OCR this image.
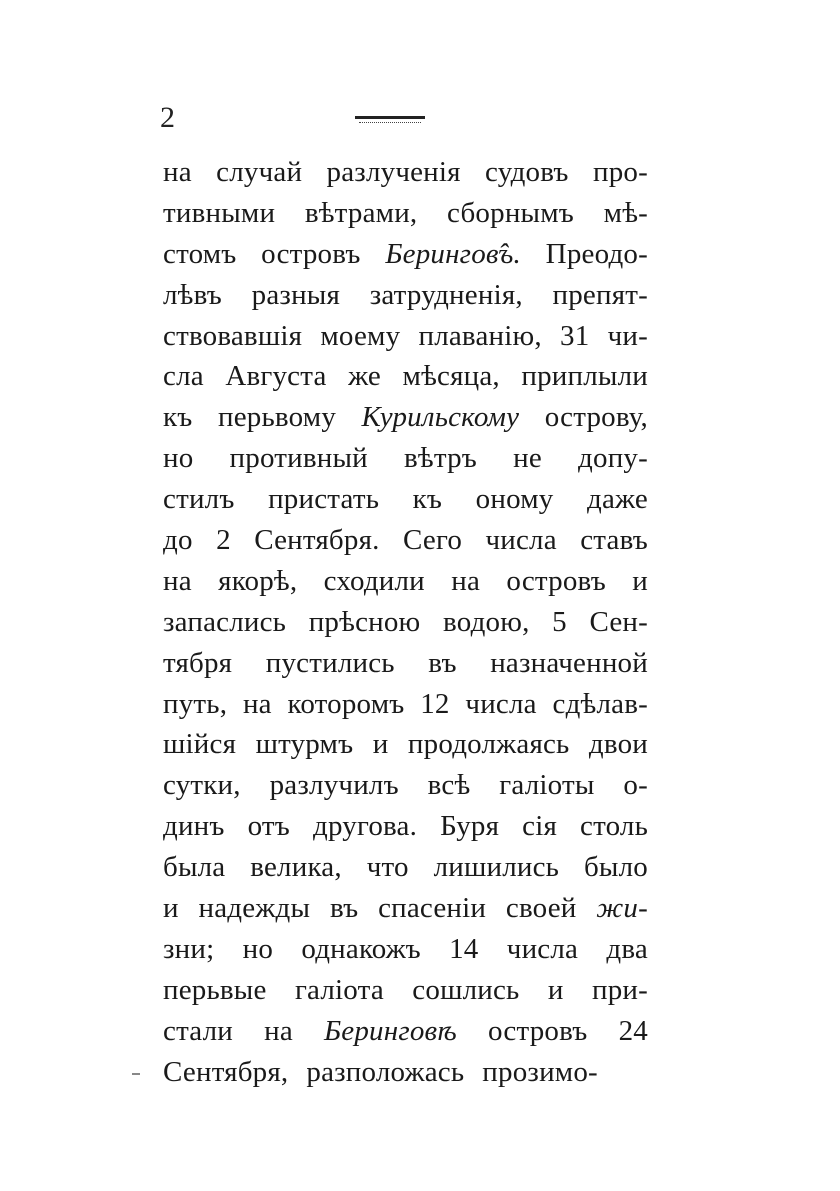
2
на случай разлученія судовъ про-
тивными вѣтрами, сборнымъ мѣ-
стомъ островъ Берингов̂ъ. Преодо-
лѣвъ разныя затрудненія, препят-
ствовавшія моему плаванію, 31 чи-
сла Августа же мѣсяца, приплыли
къ перьвому Курильскому острову,
но противный вѣтръ не допу-
стилъ пристать къ оному даже
до 2 Сентября. Сего числа ставъ
на якорѣ, сходили на островъ и
запаслись прѣсною водою, 5 Сен-
тября пустились въ назначенной
путь, на которомъ 12 числа сдѣлав-
шійся штурмъ и продолжаясь двои
сутки, разлучилъ всѣ галіоты о-
динъ отъ другова. Буря сія столь
была велика, что лишились было
и надежды въ спасеніи своей жи-
зни; но однакожъ 14 числа два
перьвые галіота сошлись и при-
стали на Беринговѣ островъ 24
Сентября, разположась прозимо-
